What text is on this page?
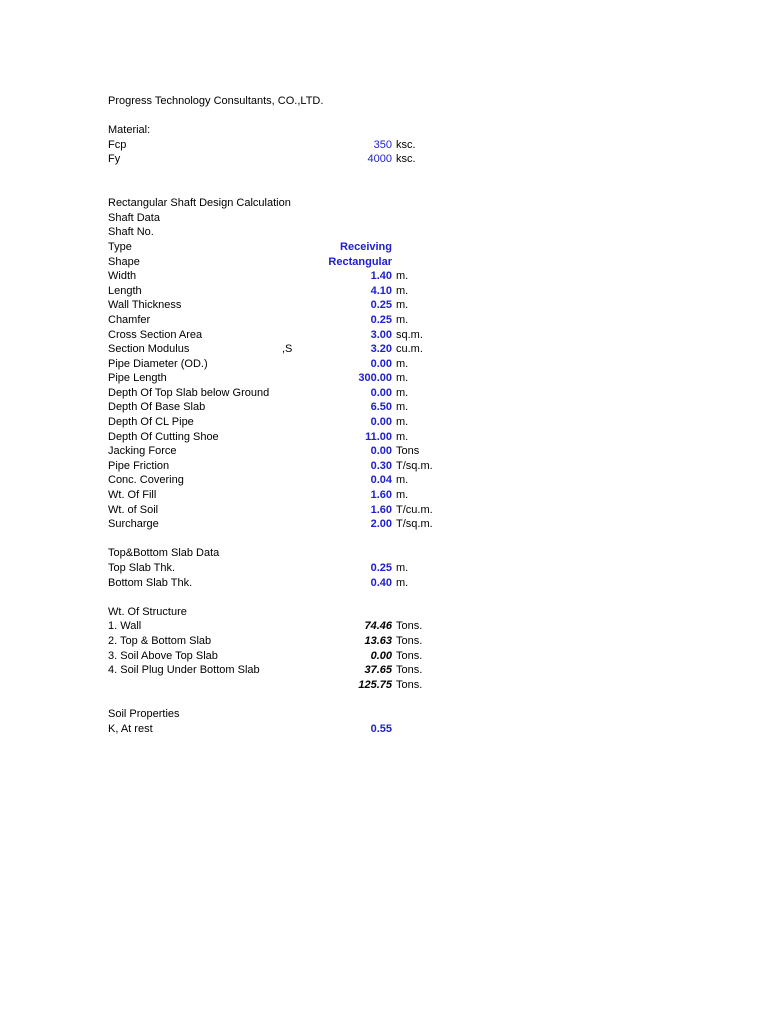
Progress Technology Consultants, CO.,LTD.
Material:
Fcp	350 ksc.
Fy	4000 ksc.
Rectangular Shaft Design Calculation
Shaft Data
Shaft No.
Type	Receiving
Shape	Rectangular
Width	1.40 m.
Length	4.10 m.
Wall Thickness	0.25 m.
Chamfer	0.25 m.
Cross Section Area	3.00 sq.m.
Section Modulus	,S	3.20 cu.m.
Pipe Diameter (OD.)	0.00 m.
Pipe Length	300.00 m.
Depth Of Top Slab below Ground	0.00 m.
Depth Of Base Slab	6.50 m.
Depth Of CL Pipe	0.00 m.
Depth Of Cutting Shoe	11.00 m.
Jacking Force	0.00 Tons
Pipe Friction	0.30 T/sq.m.
Conc. Covering	0.04 m.
Wt. Of Fill	1.60 m.
Wt. of Soil	1.60 T/cu.m.
Surcharge	2.00 T/sq.m.
Top&Bottom Slab Data
Top Slab Thk.	0.25 m.
Bottom Slab Thk.	0.40 m.
Wt. Of Structure
1. Wall	74.46 Tons.
2. Top & Bottom Slab	13.63 Tons.
3. Soil Above Top Slab	0.00 Tons.
4. Soil Plug Under Bottom Slab	37.65 Tons.
125.75 Tons.
Soil Properties
K, At rest	0.55
